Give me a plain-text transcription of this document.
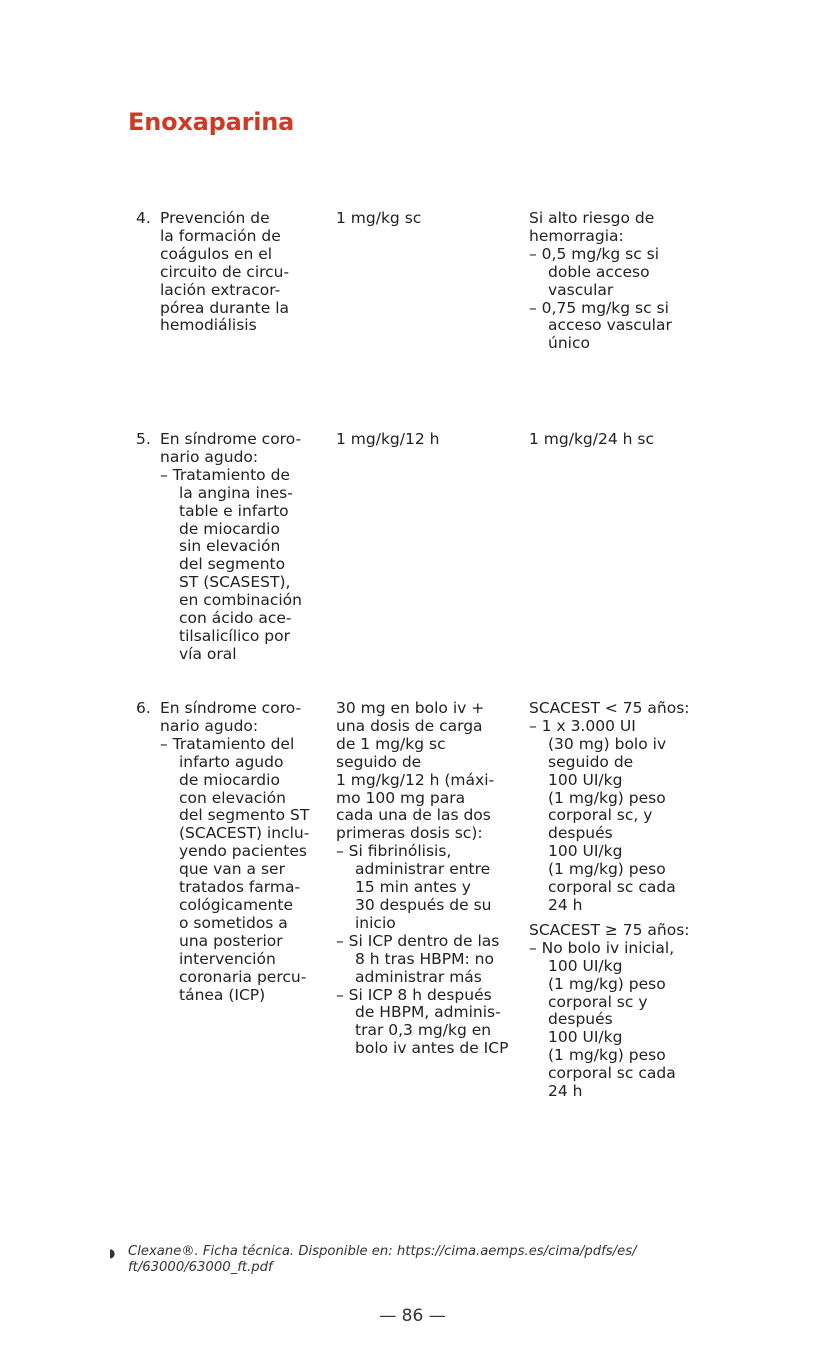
Enoxaparina
4. Prevención de
la formación de
coágulos en el
circuito de circu-
lación extracor-
pórea durante la
hemodiálisis
1 mg/kg sc	Si alto riesgo de
hemorragia:
– 0,5 mg/kg sc si
doble acceso
vascular
– 0,75 mg/kg sc si
acceso vascular
único
5. En síndrome coro-
nario agudo:
– Tratamiento de
la angina ines-
table e infarto
de miocardio
sin elevación
del segmento
ST (SCASEST),
en combinación
con ácido ace-
tilsalicílico por
vía oral
1 mg/kg/12 h	1 mg/kg/24 h sc
6. En síndrome coro-
nario agudo:
– Tratamiento del
infarto agudo
de miocardio
con elevación
del segmento ST
(SCACEST) inclu-
yendo pacientes
que van a ser
tratados farma-
cológicamente
o sometidos a
una posterior
intervención
coronaria percu-
tánea (ICP)
30 mg en bolo iv +
una dosis de carga
de 1 mg/kg sc
seguido de
1 mg/kg/12 h (máxi-
mo 100 mg para
cada una de las dos
primeras dosis sc):
– Si fibrinólisis,
administrar entre
15 min antes y
30 después de su
inicio
– Si ICP dentro de las
8 h tras HBPM: no
administrar más
– Si ICP 8 h después
de HBPM, adminis-
trar 0,3 mg/kg en
bolo iv antes de ICP
SCACEST < 75 años:
– 1 x 3.000 UI
(30 mg) bolo iv
seguido de
100 UI/kg
(1 mg/kg) peso
corporal sc, y
después
100 UI/kg
(1 mg/kg) peso
corporal sc cada
24 h
SCACEST ≥ 75 años:
– No bolo iv inicial,
100 UI/kg
(1 mg/kg) peso
corporal sc y
después
100 UI/kg
(1 mg/kg) peso
corporal sc cada
24 h
◗ Clexane®. Ficha técnica. Disponible en: https://cima.aemps.es/cima/pdfs/es/
ft/63000/63000_ft.pdf
— 86 —
